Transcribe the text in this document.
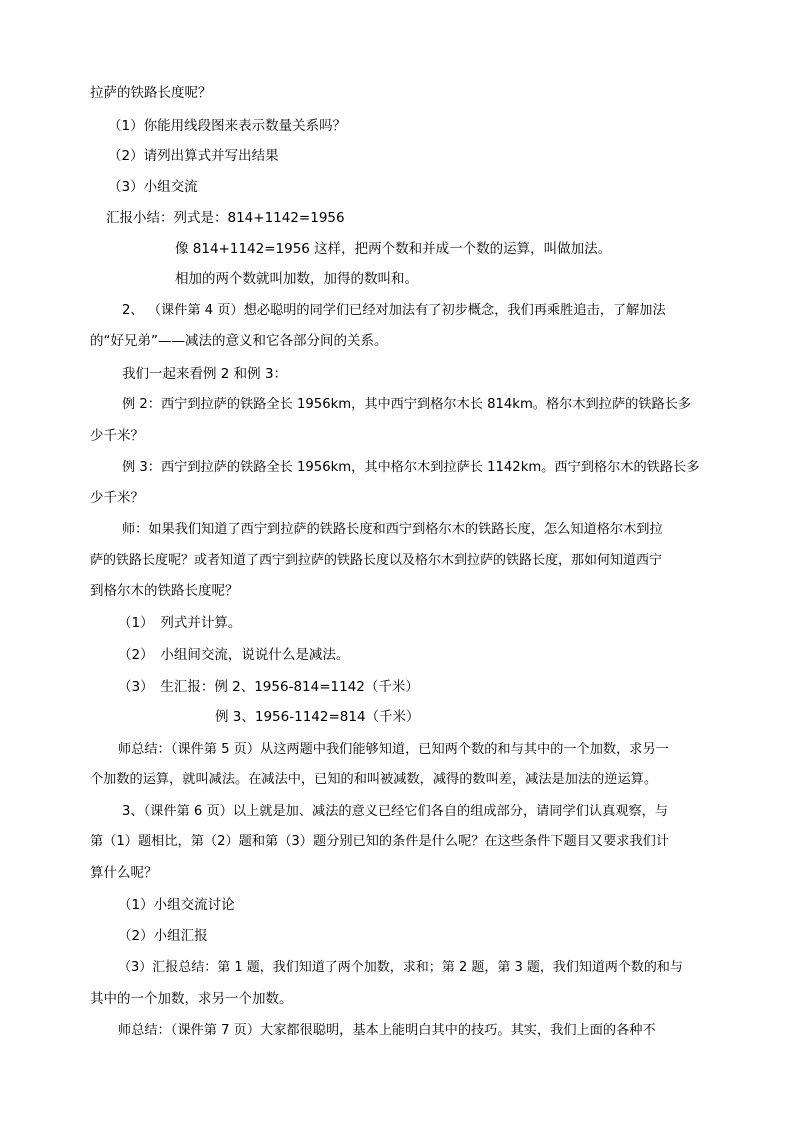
拉萨的铁路长度呢？
（1）你能用线段图来表示数量关系吗？
（2）请列出算式并写出结果
（3）小组交流
汇报小结：列式是：814+1142=1956
像 814+1142=1956 这样，把两个数和并成一个数的运算，叫做加法。
相加的两个数就叫加数，加得的数叫和。
2、 （课件第 4 页）想必聪明的同学们已经对加法有了初步概念，我们再乘胜追击，了解加法
的“好兄弟”——减法的意义和它各部分间的关系。
我们一起来看例 2 和例 3：
例 2：西宁到拉萨的铁路全长 1956km，其中西宁到格尔木长 814km。格尔木到拉萨的铁路长多
少千米？
例 3：西宁到拉萨的铁路全长 1956km，其中格尔木到拉萨长 1142km。西宁到格尔木的铁路长多
少千米？
师：如果我们知道了西宁到拉萨的铁路长度和西宁到格尔木的铁路长度，怎么知道格尔木到拉
萨的铁路长度呢？或者知道了西宁到拉萨的铁路长度以及格尔木到拉萨的铁路长度，那如何知道西宁
到格尔木的铁路长度呢？
（1）　列式并计算。
（2）　小组间交流，说说什么是减法。
（3）　生汇报：例 2、1956-814=1142（千米）
例 3、1956-1142=814（千米）
师总结：（课件第 5 页）从这两题中我们能够知道，已知两个数的和与其中的一个加数，求另一
个加数的运算，就叫减法。在减法中，已知的和叫被减数，减得的数叫差，减法是加法的逆运算。
3、（课件第 6 页）以上就是加、减法的意义已经它们各自的组成部分，请同学们认真观察，与
第（1）题相比，第（2）题和第（3）题分别已知的条件是什么呢？在这些条件下题目又要求我们计
算什么呢？
（1）小组交流讨论
（2）小组汇报
（3）汇报总结：第 1 题，我们知道了两个加数，求和；第 2 题，第 3 题，我们知道两个数的和与
其中的一个加数，求另一个加数。
师总结：（课件第 7 页）大家都很聪明，基本上能明白其中的技巧。其实，我们上面的各种不
